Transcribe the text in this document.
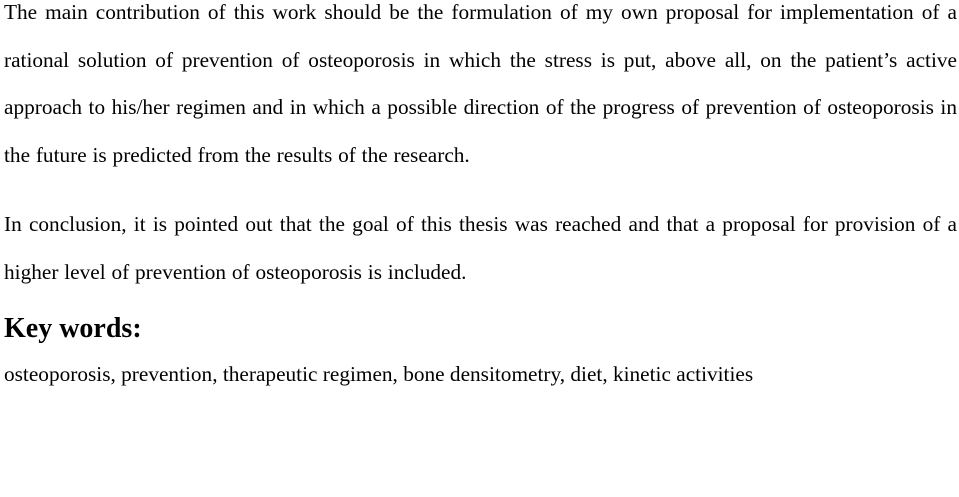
The main contribution of this work should be the formulation of my own proposal for implementation of a rational solution of prevention of osteoporosis in which the stress is put, above all, on the patient’s active approach to his/her regimen and in which a possible direction of the progress of prevention of osteoporosis in the future is predicted from the results of the research.

In conclusion, it is pointed out that the goal of this thesis was reached and that a proposal for provision of a higher level of prevention of osteoporosis is included.

Key words:

osteoporosis, prevention, therapeutic regimen, bone densitometry, diet, kinetic activities
